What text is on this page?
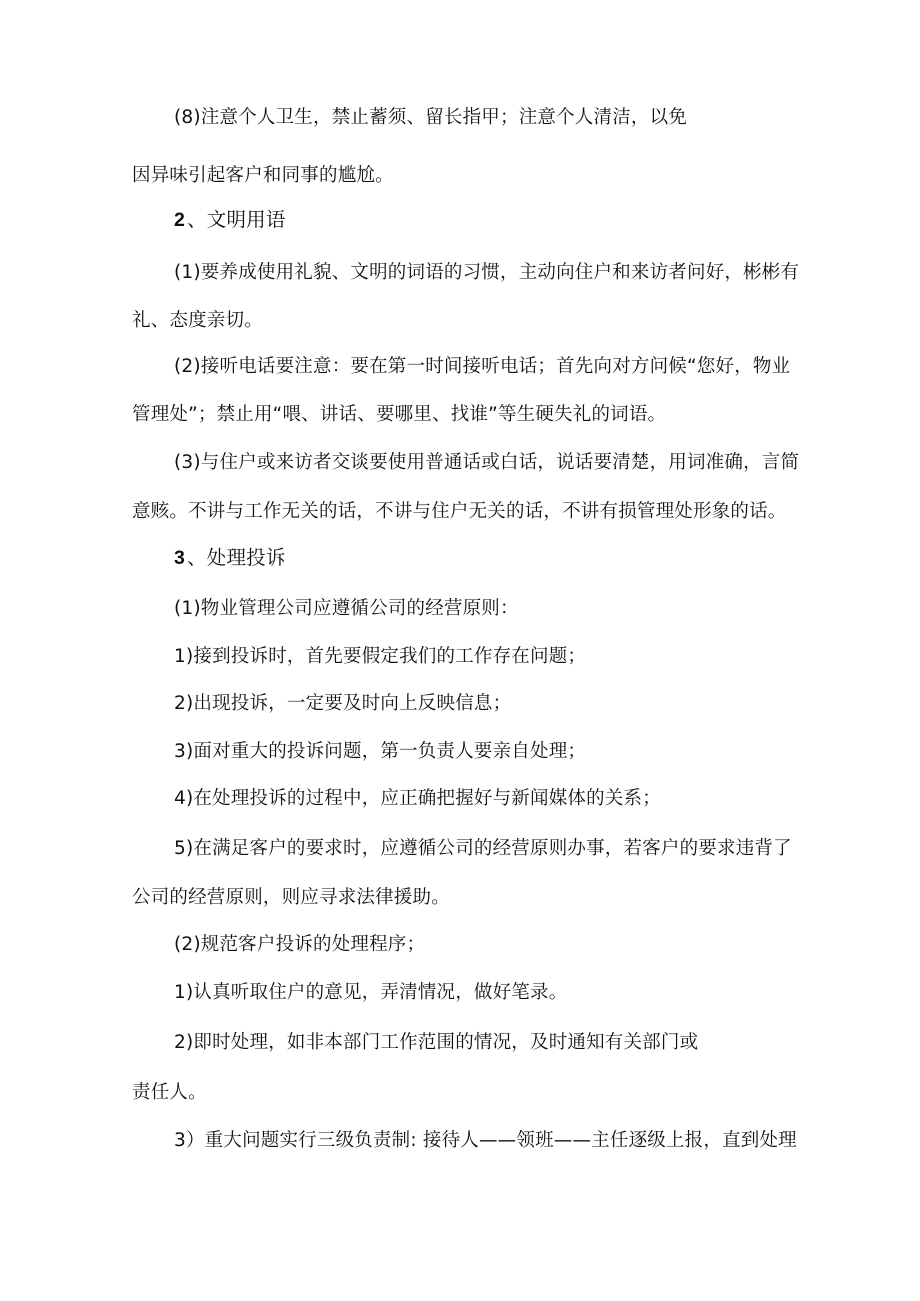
(8)注意个人卫生，禁止蓄须、留长指甲；注意个人清洁，以免
因异味引起客户和同事的尴尬。
2 、文明用语
(1)要养成使用礼貌、文明的词语的习惯，主动向住户和来访者问好，彬彬有
礼、态度亲切。
(2)接听电话要注意：要在第一时间接听电话；首先向对方问候“您好，物业
管理处”；禁止用“喂、讲话、要哪里、找谁”等生硬失礼的词语。
(3)与住户或来访者交谈要使用普通话或白话，说话要清楚，用词准确，言简
意赅。不讲与工作无关的话，不讲与住户无关的话，不讲有损管理处形象的话。
3 、处理投诉
(1)物业管理公司应遵循公司的经营原则：
1)接到投诉时，首先要假定我们的工作存在问题；
2)出现投诉，一定要及时向上反映信息；
3)面对重大的投诉问题，第一负责人要亲自处理；
4)在处理投诉的过程中，应正确把握好与新闻媒体的关系；
5)在满足客户的要求时，应遵循公司的经营原则办事，若客户的要求违背了
公司的经营原则，则应寻求法律援助。
(2)规范客户投诉的处理程序；
1)认真听取住户的意见，弄清情况，做好笔录。
2)即时处理，如非本部门工作范围的情况，及时通知有关部门或
责任人。
3）重大问题实行三级负责制: 接待人——领班——主任逐级上报，直到处理
